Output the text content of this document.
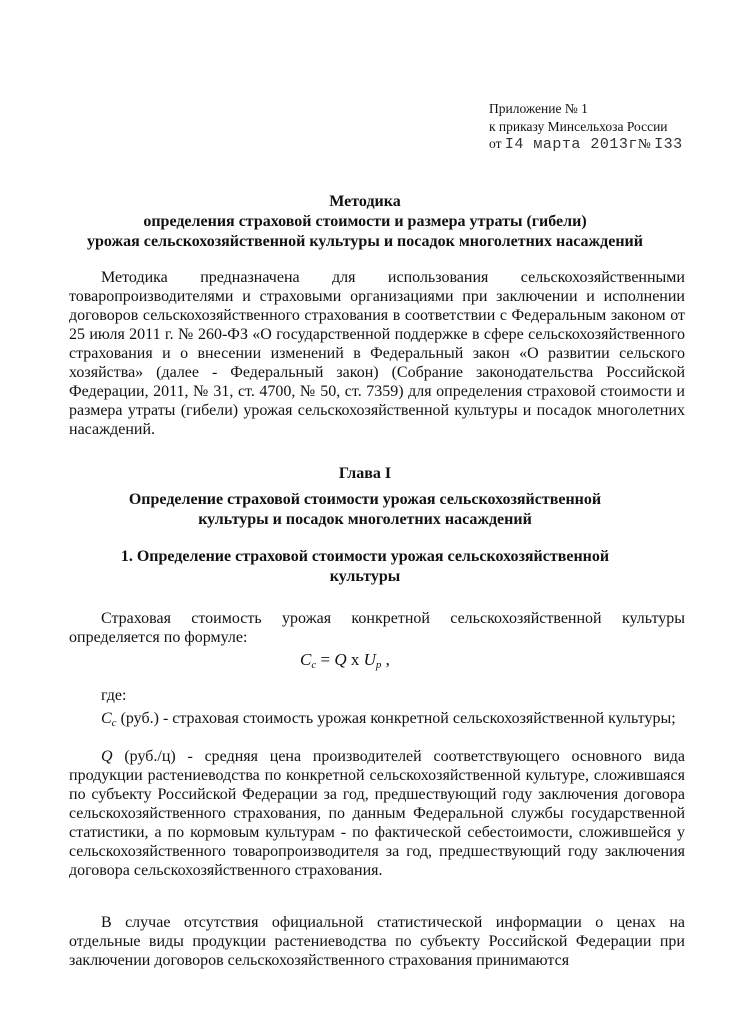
Приложение № 1
к приказу Минсельхоза России
от I4 марта 2013г№ I33
Методика
определения страховой стоимости и размера утраты (гибели)
урожая сельскохозяйственной культуры и посадок многолетних насаждений
Методика предназначена для использования сельскохозяйственными товаропроизводителями и страховыми организациями при заключении и исполнении договоров сельскохозяйственного страхования в соответствии с Федеральным законом от 25 июля 2011 г. № 260-ФЗ «О государственной поддержке в сфере сельскохозяйственного страхования и о внесении изменений в Федеральный закон «О развитии сельского хозяйства» (далее - Федеральный закон) (Собрание законодательства Российской Федерации, 2011, № 31, ст. 4700, № 50, ст. 7359) для определения страховой стоимости и размера утраты (гибели) урожая сельскохозяйственной культуры и посадок многолетних насаждений.
Глава I
Определение страховой стоимости урожая сельскохозяйственной
культуры и посадок многолетних насаждений
1. Определение страховой стоимости урожая сельскохозяйственной
культуры
Страховая стоимость урожая конкретной сельскохозяйственной культуры определяется по формуле:
$C_c = Q$ x $U_p$ ,
где:
$C_c$ (руб.) - страховая стоимость урожая конкретной сельскохозяйственной культуры;
Q (руб./ц) - средняя цена производителей соответствующего основного вида продукции растениеводства по конкретной сельскохозяйственной культуре, сложившаяся по субъекту Российской Федерации за год, предшествующий году заключения договора сельскохозяйственного страхования, по данным Федеральной службы государственной статистики, а по кормовым культурам - по фактической себестоимости, сложившейся у сельскохозяйственного товаропроизводителя за год, предшествующий году заключения договора сельскохозяйственного страхования.
В случае отсутствия официальной статистической информации о ценах на отдельные виды продукции растениеводства по субъекту Российской Федерации при заключении договоров сельскохозяйственного страхования принимаются
